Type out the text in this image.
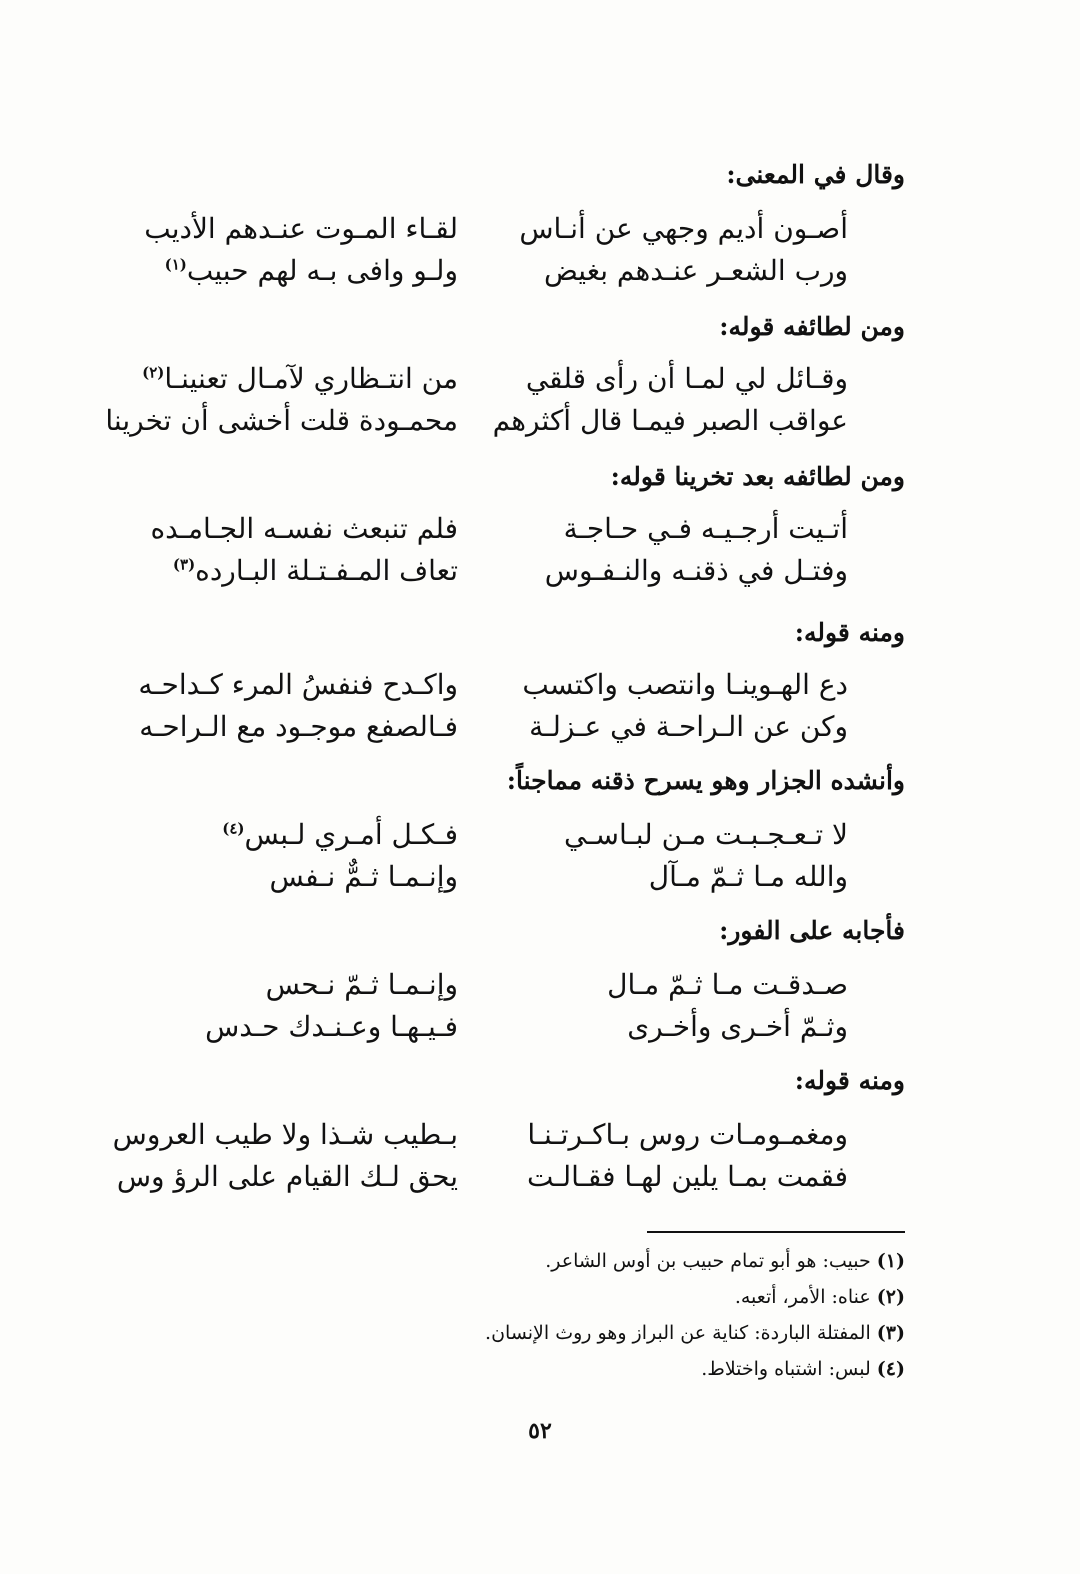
وقال في المعنى:
أصـون أديم وجهي عن أنـاس
لقـاء المـوت عنـدهم الأديب
ورب الشعـر عنـدهم بغيض
ولـو وافى بـه لهم حبيب$^{(١)}$
ومن لطائفه قوله:
وقـائل لي لمـا أن رأى قلقي
من انتـظاري لآمـال تعنينـا$^{(٢)}$
عواقب الصبر فيمـا قال أكثرهم
محمـودة قلت أخشى أن تخرينا
ومن لطائفه بعد تخرينا قوله:
أتـيت أرجـيـه فـي حـاجـة
فلم تنبعث نفسـه الجـامـده
وفتـل في ذقنـه والنـفـوس
تعاف المـفـتـلة البـارده$^{(٣)}$
ومنه قوله:
دع الهـوينـا وانتصب واكتسب
واكـدح فنفسُ المرء كـداحـه
وكن عن الـراحـة في عـزلـة
فـالصفع موجـود مع الـراحـه
وأنشده الجزار وهو يسرح ذقنه مماجناً:
لا تـعـجـبـت مـن لبـاسـي
فـكـل أمـري لـبس$^{(٤)}$
والله مـا ثـمّ مـآل
وإنـمـا ثـمٌّ نـفس
فأجابه على الفور:
صـدقـت مـا ثـمّ مـال
وإنـمـا ثـمّ نـحس
وثـمّ أخـرى وأخـرى
فـيـهـا وعـنـدك حـدس
ومنه قوله:
ومغمـومـات روس بـاكـرتـنـا
بـطيب شـذا ولا طيب العروس
فقمت بمـا يلين لهـا فقـالـت
يحق لـك القيام على الرؤ وس
(١) حبيب: هو أبو تمام حبيب بن أوس الشاعر.
(٢) عناه: الأمر، أتعبه.
(٣) المفتلة الباردة: كناية عن البراز وهو روث الإنسان.
(٤) لبس: اشتباه واختلاط.
٥٢
